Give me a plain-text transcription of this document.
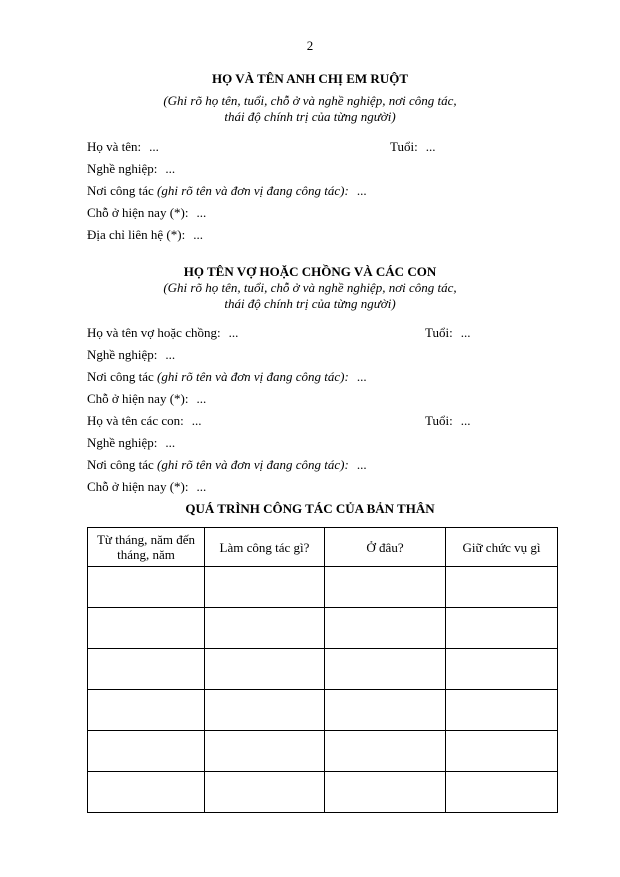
2
HỌ VÀ TÊN ANH CHỊ EM RUỘT
(Ghi rõ họ tên, tuổi, chỗ ở và nghề nghiệp, nơi công tác,
thái độ chính trị của từng người)
Họ và tên: ...	Tuổi: ...
Nghề nghiệp: ...
Nơi công tác (ghi rõ tên và đơn vị đang công tác): ...
Chỗ ở hiện nay (*): ...
Địa chỉ liên hệ (*): ...
HỌ TÊN VỢ HOẶC CHỒNG VÀ CÁC CON
(Ghi rõ họ tên, tuổi, chỗ ở và nghề nghiệp, nơi công tác,
thái độ chính trị của từng người)
Họ và tên vợ hoặc chồng: ...	Tuổi: ...
Nghề nghiệp: ...
Nơi công tác (ghi rõ tên và đơn vị đang công tác): ...
Chỗ ở hiện nay (*): ...
Họ và tên các con: ...	Tuổi: ...
Nghề nghiệp: ...
Nơi công tác (ghi rõ tên và đơn vị đang công tác): ...
Chỗ ở hiện nay (*): ...
QUÁ TRÌNH CÔNG TÁC CỦA BẢN THÂN
Từ tháng, năm đến tháng, năm	Làm công tác gì?	Ở đâu?	Giữ chức vụ gì
